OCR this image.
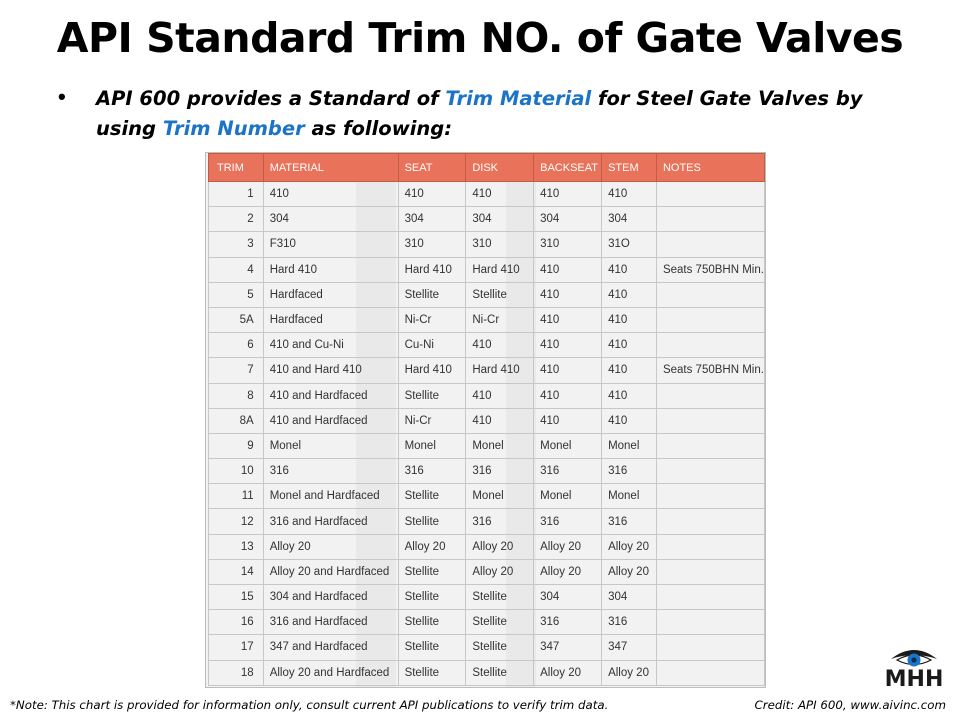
API Standard Trim NO. of Gate Valves
• API 600 provides a Standard of Trim Material for Steel Gate Valves by using Trim Number as following:
TRIM	MATERIAL	SEAT	DISK	BACKSEAT	STEM	NOTES
1	410	410	410	410	410	
2	304	304	304	304	304	
3	F310	310	310	310	31O	
4	Hard 410	Hard 410	Hard 410	410	410	Seats 750BHN Min.
5	Hardfaced	Stellite	Stellite	410	410	
5A	Hardfaced	Ni-Cr	Ni-Cr	410	410	
6	410 and Cu-Ni	Cu-Ni	410	410	410	
7	410 and Hard 410	Hard 410	Hard 410	410	410	Seats 750BHN Min.
8	410 and Hardfaced	Stellite	410	410	410	
8A	410 and Hardfaced	Ni-Cr	410	410	410	
9	Monel	Monel	Monel	Monel	Monel	
10	316	316	316	316	316	
11	Monel and Hardfaced	Stellite	Monel	Monel	Monel	
12	316 and Hardfaced	Stellite	316	316	316	
13	Alloy 20	Alloy 20	Alloy 20	Alloy 20	Alloy 20	
14	Alloy 20 and Hardfaced	Stellite	Alloy 20	Alloy 20	Alloy 20	
15	304 and Hardfaced	Stellite	Stellite	304	304	
16	316 and Hardfaced	Stellite	Stellite	316	316	
17	347 and Hardfaced	Stellite	Stellite	347	347	
18	Alloy 20 and Hardfaced	Stellite	Stellite	Alloy 20	Alloy 20	
*Note: This chart is provided for information only, consult current API publications to verify trim data.	Credit: API 600, www.aivinc.com
MHH
